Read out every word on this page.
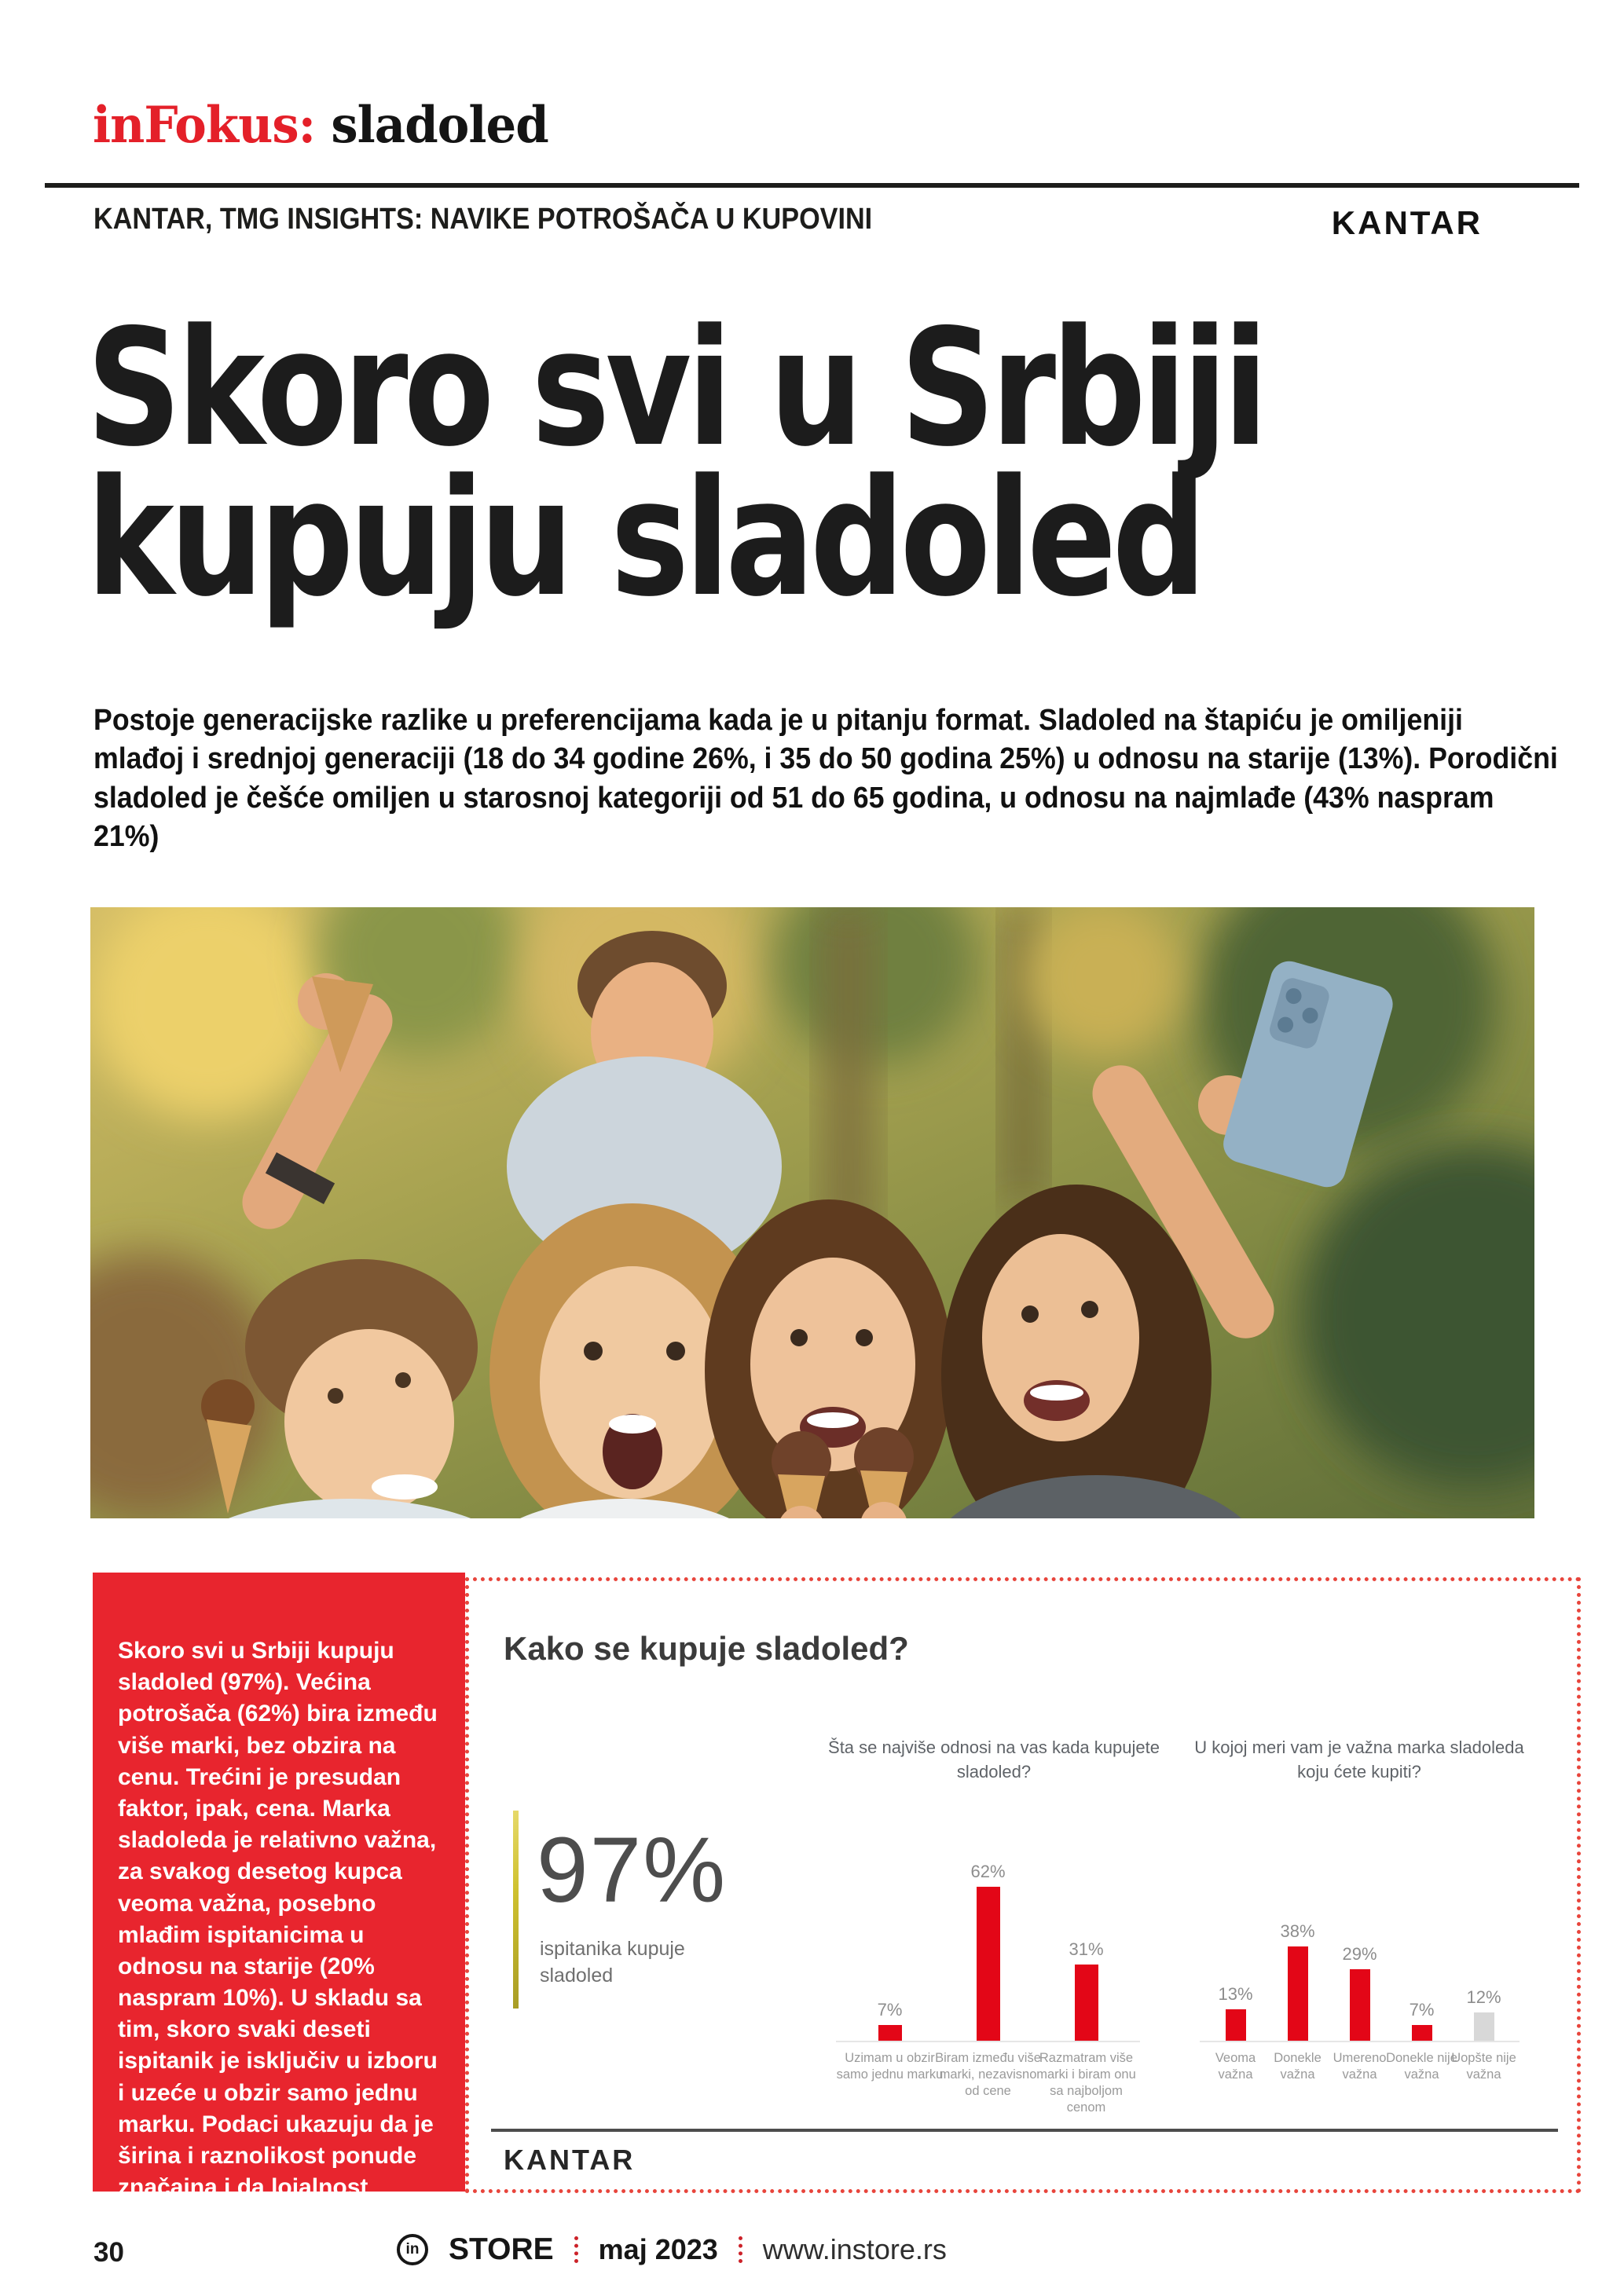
inFokus: sladoled
KANTAR, TMG INSIGHTS: NAVIKE POTROŠAČA U KUPOVINI	KANTAR
Skoro svi u Srbiji
kupuju sladoled
Postoje generacijske razlike u preferencijama kada je u pitanju format. Sladoled na štapiću je omiljeniji mlađoj i srednjoj generaciji (18 do 34 godine 26%, i 35 do 50 godina 25%) u odnosu na starije (13%). Porodični sladoled je češće omiljen u starosnoj kategoriji od 51 do 65 godina, u odnosu na najmlađe (43% naspram 21%)
Skoro svi u Srbiji kupuju sladoled (97%). Većina potrošača (62%) bira između više marki, bez obzira na cenu. Trećini je presudan faktor, ipak, cena. Marka sladoleda je relativno važna, za svakog desetog kupca veoma važna, posebno mlađim ispitanicima u odnosu na starije (20% naspram 10%). U skladu sa tim, skoro svaki deseti ispitanik je isključiv u izboru i uzeće u obzir samo jednu marku. Podaci ukazuju da je širina i raznolikost ponude značajna i da lojalnost jednom brendu retka, kada su u pitanju sladoledi.
Kako se kupuje sladoled?
97%
ispitanika kupuje sladoled
Šta se najviše odnosi na vas kada kupujete sladoled?
U kojoj meri vam je važna marka sladoleda koju ćete kupiti?
7%
Uzimam u obzir samo jednu marku
62%
Biram između više marki, nezavisno od cene
31%
Razmatram više marki i biram onu sa najboljom cenom
13%
Veoma važna
38%
Donekle važna
29%
Umereno važna
7%
Donekle nije važna
12%
Uopšte nije važna
KANTAR
30	in STORE maj 2023 www.instore.rs
